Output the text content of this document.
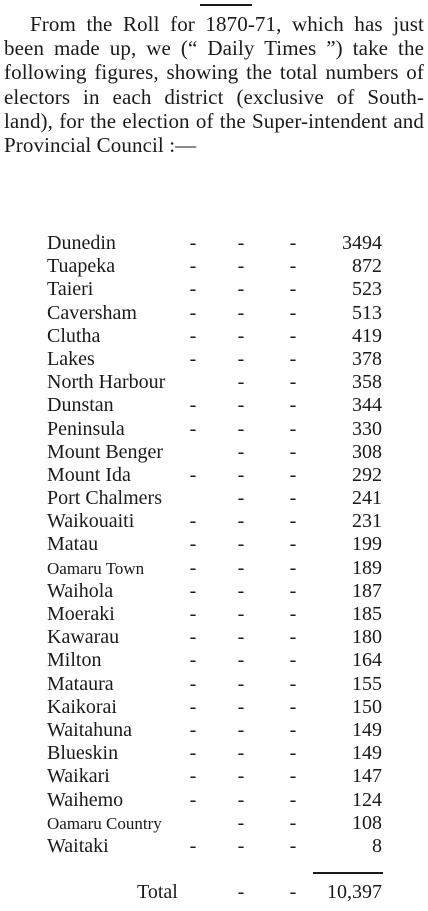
From the Roll for 1870-71, which has just been made up, we (“ Daily Times ”) take the following figures, showing the total numbers of electors in each district (exclusive of South-land), for the election of the Super-intendent and Provincial Council :—

Dunedin	- - - 3494
Tuapeka	- - -	872
Taieri	- - -	523
Caversham	- - -	513
Clutha	- - -	419
Lakes	- - -	378
North Harbour	- -	358
Dunstan	- - -	344
Peninsula	- - -	330
Mount Benger	- -	308
Mount Ida	- - -	292
Port Chalmers	- -	241
Waikouaiti	- - -	231
Matau	- - -	199
Oamaru Town - - -	189
Waihola	- - -	187
Moeraki	- - -	185
Kawarau	- - -	180
Milton	- - -	164
Mataura	- - -	155
Kaikorai	- - -	150
Waitahuna	- - -	149
Blueskin	- - -	149
Waikari	- - -	147
Waihemo	- - -	124
Oamaru Country	- -	108
Waitaki	- - -	8
Total	- - 10,397
